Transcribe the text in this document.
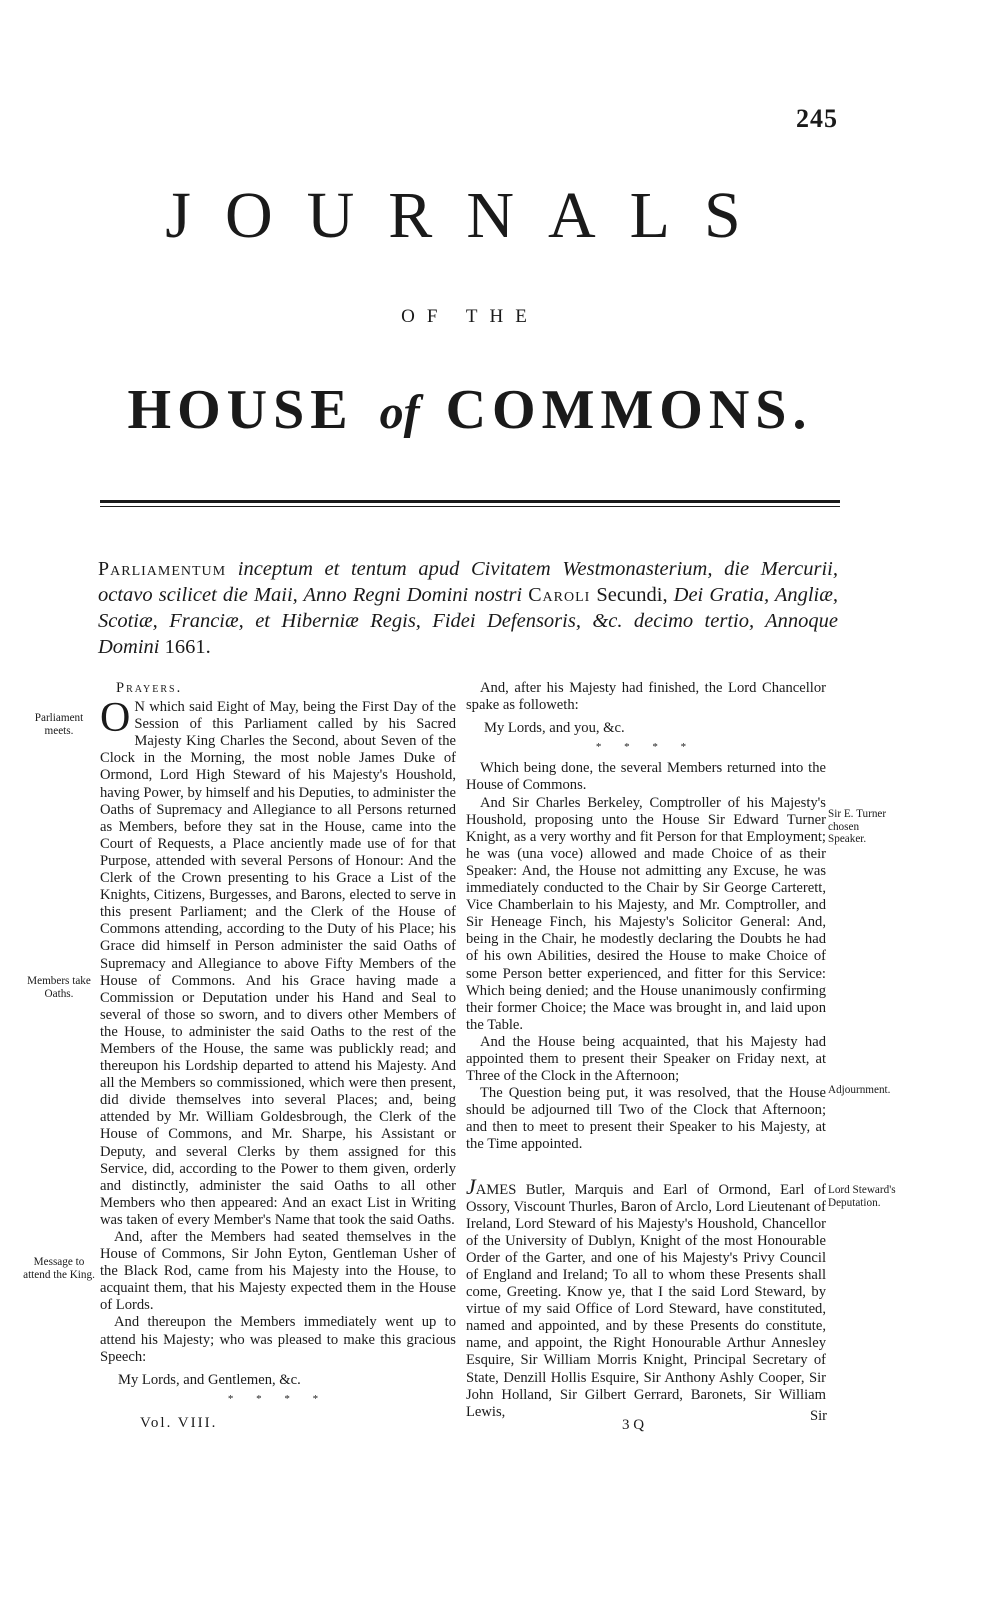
245
JOURNALS
OF THE
HOUSE of COMMONS.

Parliamentum inceptum et tentum apud Civitatem Westmonasterium, die Mercurii, octavo scilicet die Maii, Anno Regni Domini nostri Caroli Secundi, Dei Gratia, Angliæ, Scotiæ, Franciæ, et Hiberniæ Regis, Fidei Defensoris, &c. decimo tertio, Annoque Domini 1661.

Parliament meets.
Members take Oaths.
Message to attend the King.
Sir E. Turner chosen Speaker.
Adjournment.
Lord Steward's Deputation.
Prayers.

O N which said Eight of May, being the First Day of the Session of this Parliament called by his Sacred Majesty King Charles the Second, about Seven of the Clock in the Morning, the most noble James Duke of Ormond, Lord High Steward of his Majesty's Houshold, having Power, by himself and his Deputies, to administer the Oaths of Supremacy and Allegiance to all Persons returned as Members, before they sat in the House, came into the Court of Requests, a Place anciently made use of for that Purpose, attended with several Persons of Honour: And the Clerk of the Crown presenting to his Grace a List of the Knights, Citizens, Burgesses, and Barons, elected to serve in this present Parliament; and the Clerk of the House of Commons attending, according to the Duty of his Place; his Grace did himself in Person administer the said Oaths of Supremacy and Allegiance to above Fifty Members of the House of Commons. And his Grace having made a Commission or Deputation under his Hand and Seal to several of those so sworn, and to divers other Members of the House, to administer the said Oaths to the rest of the Members of the House, the same was publickly read; and thereupon his Lordship departed to attend his Majesty. And all the Members so commissioned, which were then present, did divide themselves into several Places; and, being attended by Mr. William Goldesbrough, the Clerk of the House of Commons, and Mr. Sharpe, his Assistant or Deputy, and several Clerks by them assigned for this Service, did, according to the Power to them given, orderly and distinctly, administer the said Oaths to all other Members who then appeared: And an exact List in Writing was taken of every Member's Name that took the said Oaths.

And, after the Members had seated themselves in the House of Commons, Sir John Eyton, Gentleman Usher of the Black Rod, came from his Majesty into the House, to acquaint them, that his Majesty expected them in the House of Lords.

And thereupon the Members immediately went up to attend his Majesty; who was pleased to make this gracious Speech:

My Lords, and Gentlemen, &c.

* * * *

And, after his Majesty had finished, the Lord Chancellor spake as followeth:

My Lords, and you, &c.

* * * *

Which being done, the several Members returned into the House of Commons.

And Sir Charles Berkeley, Comptroller of his Majesty's Houshold, proposing unto the House Sir Edward Turner Knight, as a very worthy and fit Person for that Employment; he was (una voce) allowed and made Choice of as their Speaker: And, the House not admitting any Excuse, he was immediately conducted to the Chair by Sir George Carterett, Vice Chamberlain to his Majesty, and Mr. Comptroller, and Sir Heneage Finch, his Majesty's Solicitor General: And, being in the Chair, he modestly declaring the Doubts he had of his own Abilities, desired the House to make Choice of some Person better experienced, and fitter for this Service: Which being denied; and the House unanimously confirming their former Choice; the Mace was brought in, and laid upon the Table.

And the House being acquainted, that his Majesty had appointed them to present their Speaker on Friday next, at Three of the Clock in the Afternoon;

The Question being put, it was resolved, that the House should be adjourned till Two of the Clock that Afternoon; and then to meet to present their Speaker to his Majesty, at the Time appointed.

JAMES Butler, Marquis and Earl of Ormond, Earl of Ossory, Viscount Thurles, Baron of Arclo, Lord Lieutenant of Ireland, Lord Steward of his Majesty's Houshold, Chancellor of the University of Dublyn, Knight of the most Honourable Order of the Garter, and one of his Majesty's Privy Council of England and Ireland; To all to whom these Presents shall come, Greeting. Know ye, that I the said Lord Steward, by virtue of my said Office of Lord Steward, have constituted, named and appointed, and by these Presents do constitute, name, and appoint, the Right Honourable Arthur Annesley Esquire, Sir William Morris Knight, Principal Secretary of State, Denzill Hollis Esquire, Sir Anthony Ashly Cooper, Sir John Holland, Sir Gilbert Gerrard, Baronets, Sir William Lewis,

Vol. VIII.	3 Q
Sir
